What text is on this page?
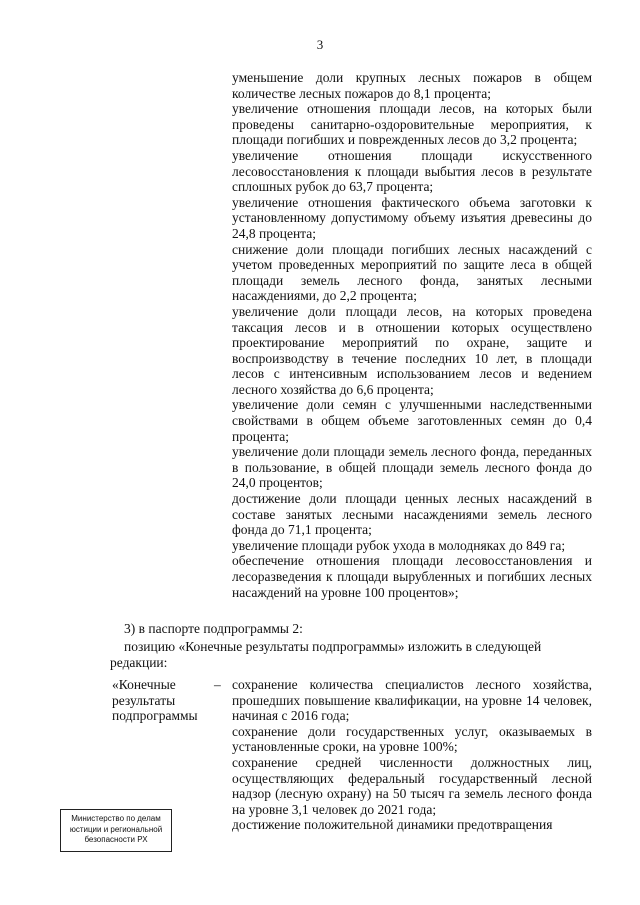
3
уменьшение доли крупных лесных пожаров в общем количестве лесных пожаров до 8,1 процента;
увеличение отношения площади лесов, на которых были проведены санитарно-оздоровительные мероприятия, к площади погибших и поврежденных лесов до 3,2 процента;
увеличение отношения площади искусственного лесовосстановления к площади выбытия лесов в результате сплошных рубок до 63,7 процента;
увеличение отношения фактического объема заготовки к установленному допустимому объему изъятия древесины до 24,8 процента;
снижение доли площади погибших лесных насаждений с учетом проведенных мероприятий по защите леса в общей площади земель лесного фонда, занятых лесными насаждениями, до 2,2 процента;
увеличение доли площади лесов, на которых проведена таксация лесов и в отношении которых осуществлено проектирование мероприятий по охране, защите и воспроизводству в течение последних 10 лет, в площади лесов с интенсивным использованием лесов и ведением лесного хозяйства до 6,6 процента;
увеличение доли семян с улучшенными наследственными свойствами в общем объеме заготовленных семян до 0,4 процента;
увеличение доли площади земель лесного фонда, переданных в пользование, в общей площади земель лесного фонда до 24,0 процентов;
достижение доли площади ценных лесных насаждений в составе занятых лесными насаждениями земель лесного фонда до 71,1 процента;
увеличение площади рубок ухода в молодняках до 849 га;
обеспечение отношения площади лесовосстановления и лесоразведения к площади вырубленных и погибших лесных насаждений на уровне 100 процентов»;
3) в паспорте подпрограммы 2:
позицию «Конечные результаты подпрограммы» изложить в следующей
редакции:
«Конечные
результаты
подпрограммы
– сохранение количества специалистов лесного хозяйства, прошедших повышение квалификации, на уровне 14 человек, начиная с 2016 года;
сохранение доли государственных услуг, оказываемых в установленные сроки, на уровне 100%;
сохранение средней численности должностных лиц, осуществляющих федеральный государственный лесной надзор (лесную охрану) на 50 тысяч га земель лесного фонда на уровне 3,1 человек до 2021 года;
достижение положительной динамики предотвращения
Министерство по делам
юстиции и региональной
безопасности РХ
